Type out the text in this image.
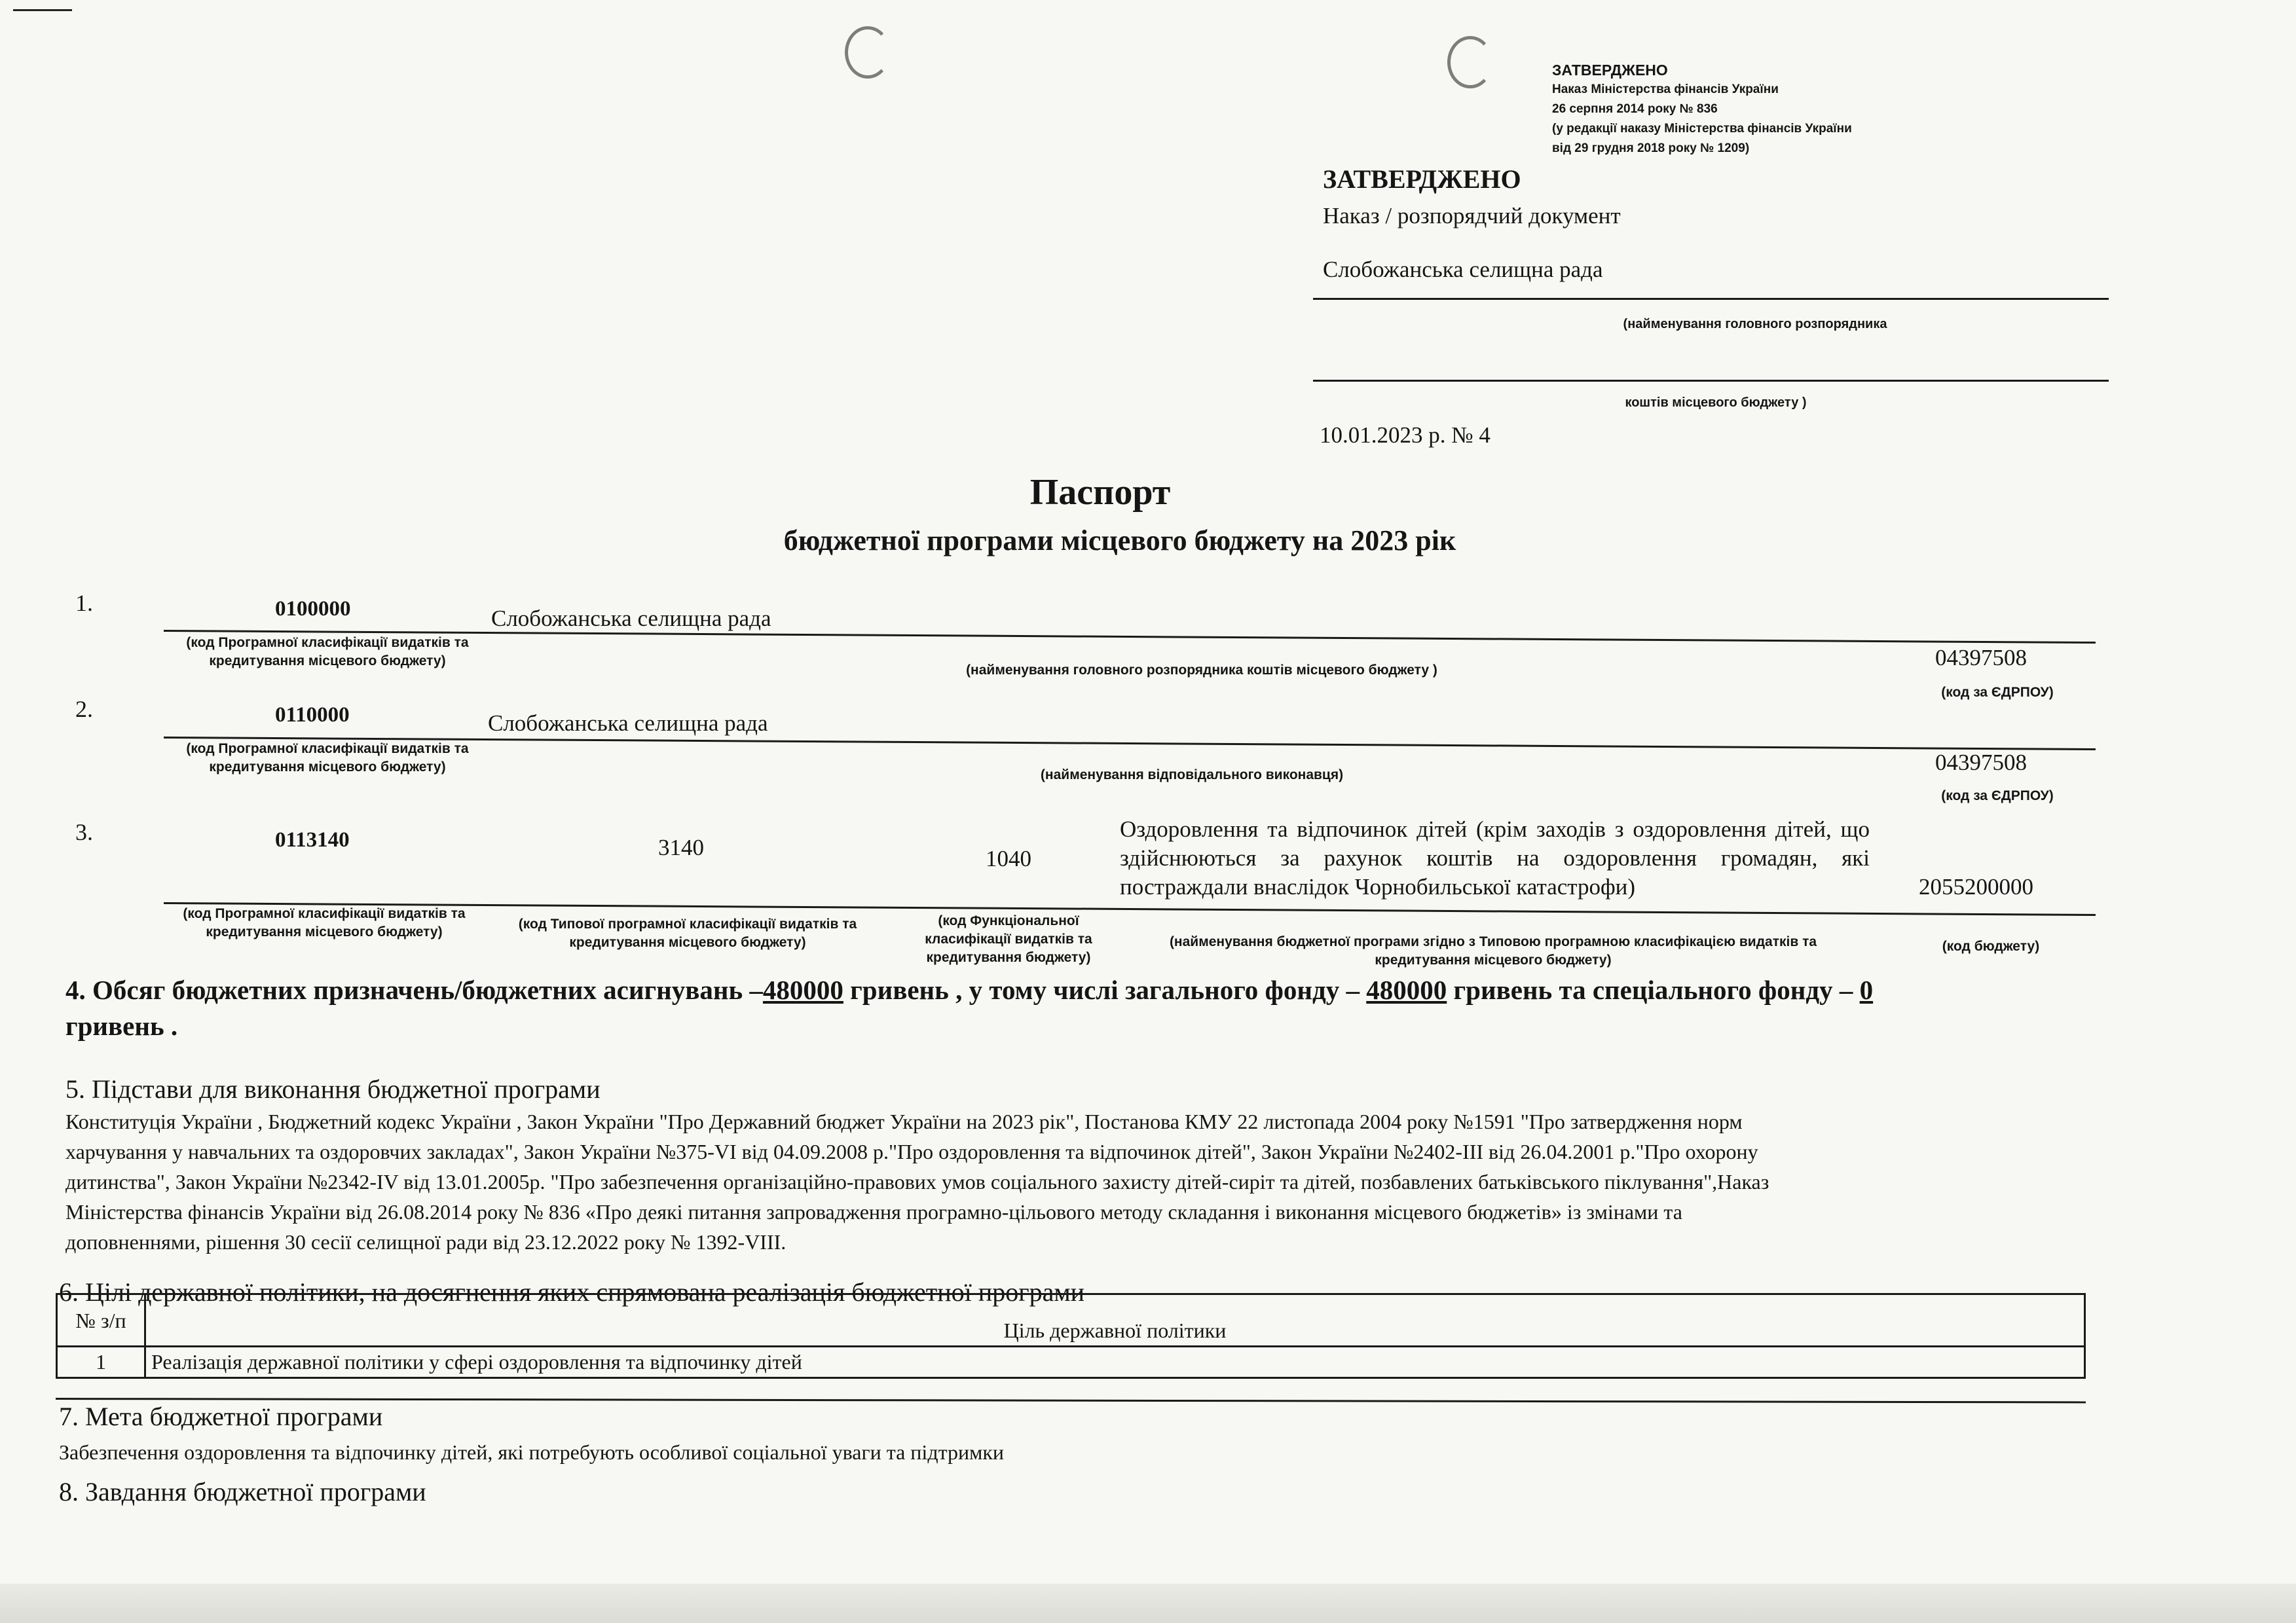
ЗАТВЕРДЖЕНО
Наказ Міністерства фінансів України
26 серпня 2014 року № 836
(у редакції наказу Міністерства фінансів України
від 29 грудня 2018 року № 1209)
ЗАТВЕРДЖЕНО
Наказ / розпорядчий документ
Слобожанська селищна рада
(найменування головного розпорядника
коштів місцевого бюджету )
10.01.2023 р. № 4
Паспорт
бюджетної програми місцевого бюджету на 2023 рік
1.	0100000	Слобожанська селищна рада
(код Програмної класифікації видатків та кредитування місцевого бюджету)
(найменування головного розпорядника коштів місцевого бюджету )	04397508
(код за ЄДРПОУ)
2.	0110000	Слобожанська селищна рада
(код Програмної класифікації видатків та кредитування місцевого бюджету)
(найменування відповідального виконавця)	04397508
(код за ЄДРПОУ)
3.	0113140	3140	1040
Оздоровлення та відпочинок дітей (крім заходів з оздоровлення дітей, що здійснюються за рахунок коштів на оздоровлення громадян, які постраждали внаслідок Чорнобильської катастрофи)	2055200000
(код Програмної класифікації видатків та кредитування місцевого бюджету)
(код Типової програмної класифікації видатків та кредитування місцевого бюджету)
(код Функціональної класифікації видатків та кредитування бюджету)
(найменування бюджетної програми згідно з Типовою програмною класифікацією видатків та кредитування місцевого бюджету)
(код бюджету)
4. Обсяг бюджетних призначень/бюджетних асигнувань –480000 гривень , у тому числі загального фонду – 480000 гривень та спеціального фонду – 0
гривень .
5. Підстави для виконання бюджетної програми
Конституція України , Бюджетний кодекс України , Закон України "Про Державний бюджет України на 2023 рік", Постанова КМУ 22 листопада 2004 року №1591 "Про затвердження норм
харчування у навчальних та оздоровчих закладах", Закон України №375-VI від 04.09.2008 р."Про оздоровлення та відпочинок дітей", Закон України №2402-III від 26.04.2001 р."Про охорону
дитинства", Закон України №2342-IV від 13.01.2005р. "Про забезпечення організаційно-правових умов соціального захисту дітей-сиріт та дітей, позбавлених батьківського піклування",Наказ
Міністерства фінансів України від 26.08.2014 року № 836 «Про деякі питання запровадження програмно-цільового методу складання і виконання місцевого бюджетів» із змінами та
доповненнями, рішення 30 сесії селищної ради від 23.12.2022 року № 1392-VIII.
6. Цілі державної політики, на досягнення яких спрямована реалізація бюджетної програми
№ з/п	Ціль державної політики
1	Реалізація державної політики у сфері оздоровлення та відпочинку дітей
7. Мета бюджетної програми
Забезпечення оздоровлення та відпочинку дітей, які потребують особливої соціальної уваги та підтримки
8. Завдання бюджетної програми
